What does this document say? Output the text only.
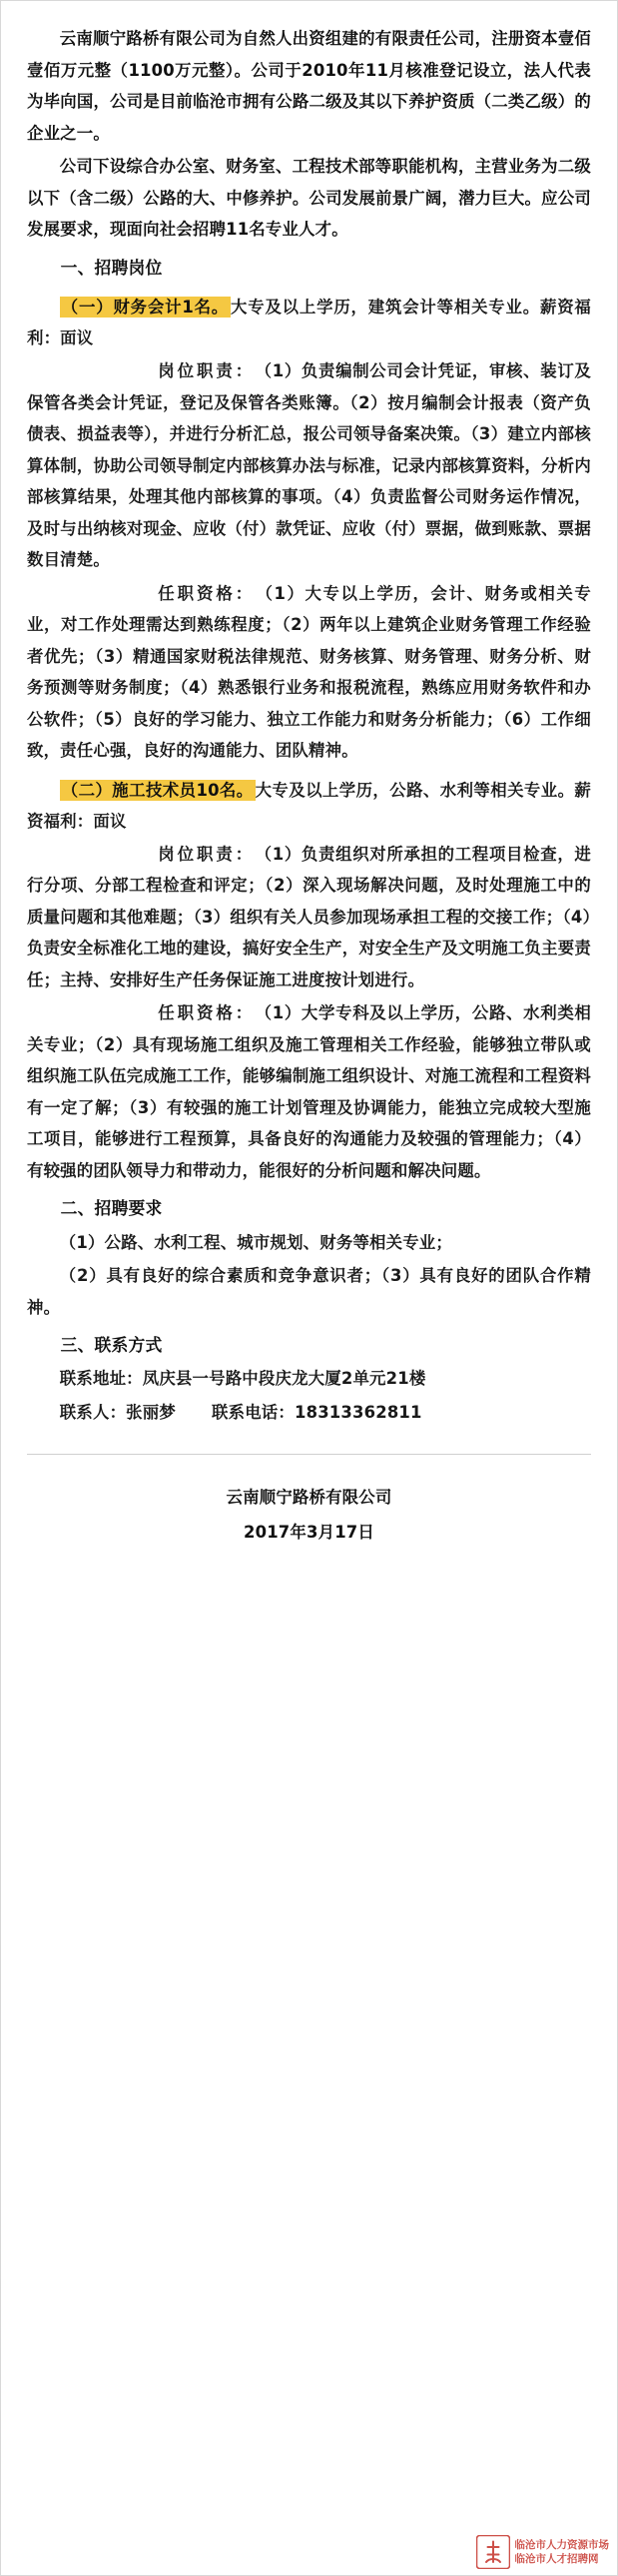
云南顺宁路桥有限公司为自然人出资组建的有限责任公司，注册资本壹佰壹佰万元整（1100万元整）。公司于2010年11月核准登记设立，法人代表为毕向国，公司是目前临沧市拥有公路二级及其以下养护资质（二类乙级）的企业之一。

公司下设综合办公室、财务室、工程技术部等职能机构，主营业务为二级以下（含二级）公路的大、中修养护。公司发展前景广阔，潜力巨大。应公司发展要求，现面向社会招聘11名专业人才。

一、招聘岗位
（一）财务会计1名。 大专及以上学历，建筑会计等相关专业。薪资福利：面议
岗位职责：（1）负责编制公司会计凭证，审核、装订及保管各类会计凭证，登记及保管各类账簿。（2）按月编制会计报表（资产负债表、损益表等），并进行分析汇总，报公司领导备案决策。（3）建立内部核算体制，协助公司领导制定内部核算办法与标准，记录内部核算资料，分析内部核算结果，处理其他内部核算的事项。（4）负责监督公司财务运作情况，及时与出纳核对现金、应收（付）款凭证、应收（付）票据，做到账款、票据数目清楚。
任职资格：（1）大专以上学历，会计、财务或相关专业，对工作处理需达到熟练程度；（2）两年以上建筑企业财务管理工作经验者优先；（3）精通国家财税法律规范、财务核算、财务管理、财务分析、财务预测等财务制度；（4）熟悉银行业务和报税流程，熟练应用财务软件和办公软件；（5）良好的学习能力、独立工作能力和财务分析能力；（6）工作细致，责任心强，良好的沟通能力、团队精神。
（二）施工技术员10名。 大专及以上学历，公路、水利等相关专业。薪资福利：面议
岗位职责：（1）负责组织对所承担的工程项目检查，进行分项、分部工程检查和评定；（2）深入现场解决问题，及时处理施工中的质量问题和其他难题；（3）组织有关人员参加现场承担工程的交接工作；（4）负责安全标准化工地的建设，搞好安全生产，对安全生产及文明施工负主要责任；主持、安排好生产任务保证施工进度按计划进行。
任职资格：（1）大学专科及以上学历，公路、水利类相关专业；（2）具有现场施工组织及施工管理相关工作经验，能够独立带队或组织施工队伍完成施工工作，能够编制施工组织设计、对施工流程和工程资料有一定了解；（3）有较强的施工计划管理及协调能力，能独立完成较大型施工项目，能够进行工程预算，具备良好的沟通能力及较强的管理能力；（4）有较强的团队领导力和带动力，能很好的分析问题和解决问题。
二、招聘要求
（1）公路、水利工程、城市规划、财务等相关专业；
（2）具有良好的综合素质和竞争意识者；（3）具有良好的团队合作精神。
三、联系方式
联系地址：凤庆县一号路中段庆龙大厦2单元21楼
联系人：张丽梦 联系电话：18313362811
云南顺宁路桥有限公司
2017年3月17日
临沧市人力资源市场
临沧市人才招聘网
